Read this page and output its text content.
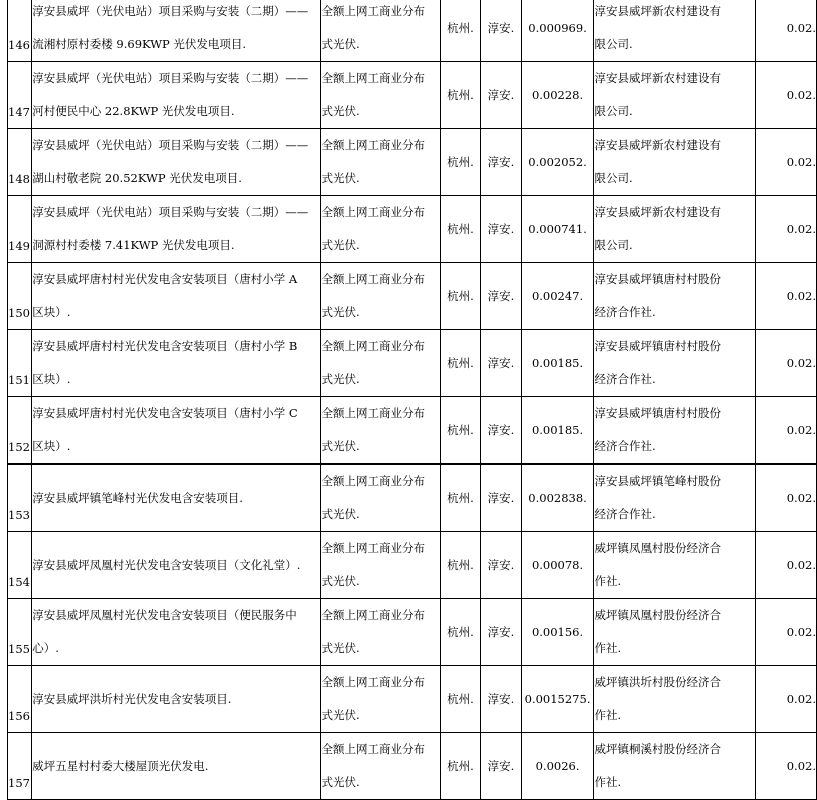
146	淳安县威坪（光伏电站）项目采购与安装（二期）——
流湘村原村委楼 9.69KWP 光伏发电项目.	全额上网工商业分布
式光伏.	杭州.	淳安.	0.000969.	淳安县威坪新农村建设有
限公司.	0.02.

147	淳安县威坪（光伏电站）项目采购与安装（二期）——
河村便民中心 22.8KWP 光伏发电项目.	全额上网工商业分布
式光伏.	杭州.	淳安.	0.00228.	淳安县威坪新农村建设有
限公司.	0.02.

148	淳安县威坪（光伏电站）项目采购与安装（二期）——
湖山村敬老院 20.52KWP 光伏发电项目.	全额上网工商业分布
式光伏.	杭州.	淳安.	0.002052.	淳安县威坪新农村建设有
限公司.	0.02.

149	淳安县威坪（光伏电站）项目采购与安装（二期）——
洞源村村委楼 7.41KWP 光伏发电项目.	全额上网工商业分布
式光伏.	杭州.	淳安.	0.000741.	淳安县威坪新农村建设有
限公司.	0.02.

150	淳安县威坪唐村村光伏发电含安装项目（唐村小学 A
区块）.	全额上网工商业分布
式光伏.	杭州.	淳安.	0.00247.	淳安县威坪镇唐村村股份
经济合作社.	0.02.

151	淳安县威坪唐村村光伏发电含安装项目（唐村小学 B
区块）.	全额上网工商业分布
式光伏.	杭州.	淳安.	0.00185.	淳安县威坪镇唐村村股份
经济合作社.	0.02.

152	淳安县威坪唐村村光伏发电含安装项目（唐村小学 C
区块）.	全额上网工商业分布
式光伏.	杭州.	淳安.	0.00185.	淳安县威坪镇唐村村股份
经济合作社.	0.02.

153	淳安县威坪镇笔峰村光伏发电含安装项目.	全额上网工商业分布
式光伏.	杭州.	淳安.	0.002838.	淳安县威坪镇笔峰村股份
经济合作社.	0.02.

154	淳安县威坪凤凰村光伏发电含安装项目（文化礼堂）.	全额上网工商业分布
式光伏.	杭州.	淳安.	0.00078.	威坪镇凤凰村股份经济合
作社.	0.02.

155	淳安县威坪凤凰村光伏发电含安装项目（便民服务中
心）.	全额上网工商业分布
式光伏.	杭州.	淳安.	0.00156.	威坪镇凤凰村股份经济合
作社.	0.02.

156	淳安县威坪洪圻村光伏发电含安装项目.	全额上网工商业分布
式光伏.	杭州.	淳安.	0.0015275.	威坪镇洪圻村股份经济合
作社.	0.02.

157	威坪五星村村委大楼屋顶光伏发电.	全额上网工商业分布
式光伏.	杭州.	淳安.	0.0026.	威坪镇桐溪村股份经济合
作社.	0.02.
